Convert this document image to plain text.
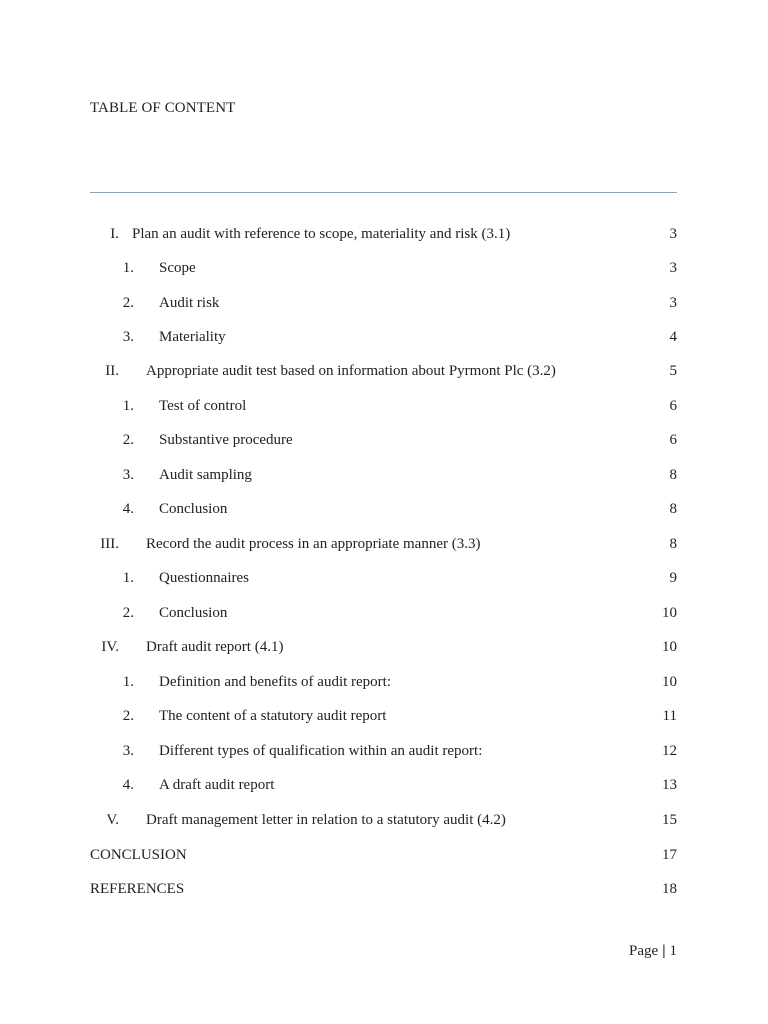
TABLE OF CONTENT
I. Plan an audit with reference to scope, materiality and risk (3.1)	3
1. Scope	3
2. Audit risk	3
3. Materiality	4
II. Appropriate audit test based on information about Pyrmont Plc (3.2)	5
1. Test of control	6
2. Substantive procedure	6
3. Audit sampling	8
4. Conclusion	8
III. Record the audit process in an appropriate manner (3.3)	8
1. Questionnaires	9
2. Conclusion	10
IV. Draft audit report (4.1)	10
1. Definition and benefits of audit report:	10
2. The content of a statutory audit report	11
3. Different types of qualification within an audit report:	12
4. A draft audit report	13
V. Draft management letter in relation to a statutory audit (4.2)	15
CONCLUSION	17
REFERENCES	18
Page | 1
